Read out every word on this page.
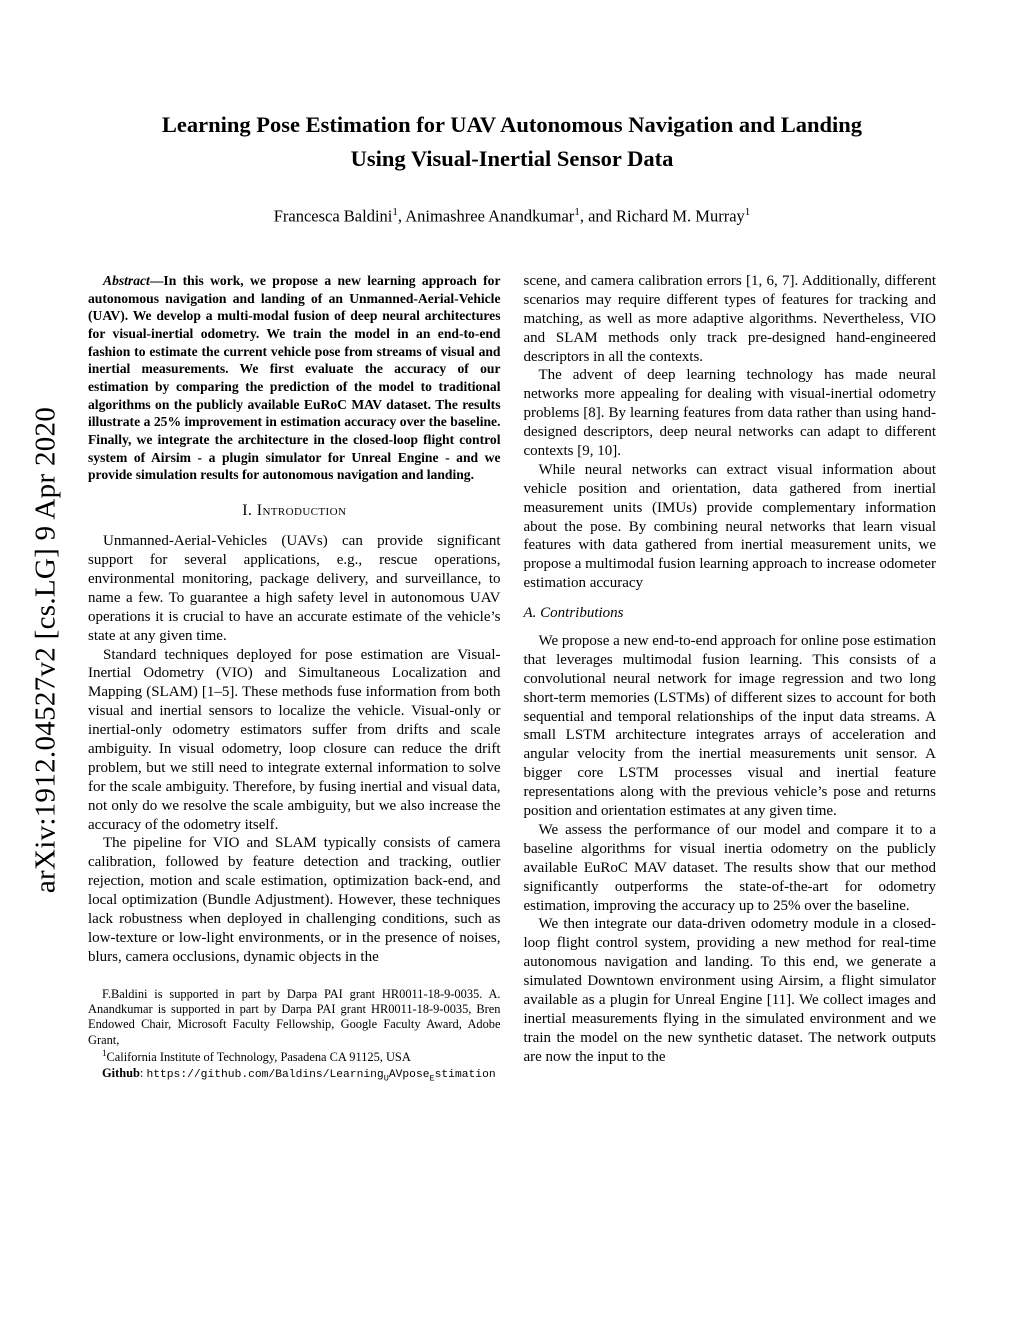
arXiv:1912.04527v2 [cs.LG] 9 Apr 2020
Learning Pose Estimation for UAV Autonomous Navigation and Landing Using Visual-Inertial Sensor Data
Francesca Baldini$^1$, Animashree Anandkumar$^1$, and Richard M. Murray$^1$

Abstract—In this work, we propose a new learning approach for autonomous navigation and landing of an Unmanned-Aerial-Vehicle (UAV). We develop a multi-modal fusion of deep neural architectures for visual-inertial odometry. We train the model in an end-to-end fashion to estimate the current vehicle pose from streams of visual and inertial measurements. We first evaluate the accuracy of our estimation by comparing the prediction of the model to traditional algorithms on the publicly available EuRoC MAV dataset. The results illustrate a 25% improvement in estimation accuracy over the baseline. Finally, we integrate the architecture in the closed-loop flight control system of Airsim - a plugin simulator for Unreal Engine - and we provide simulation results for autonomous navigation and landing.

I. Introduction

Unmanned-Aerial-Vehicles (UAVs) can provide significant support for several applications, e.g., rescue operations, environmental monitoring, package delivery, and surveillance, to name a few. To guarantee a high safety level in autonomous UAV operations it is crucial to have an accurate estimate of the vehicle’s state at any given time.

Standard techniques deployed for pose estimation are Visual-Inertial Odometry (VIO) and Simultaneous Localization and Mapping (SLAM) [1–5]. These methods fuse information from both visual and inertial sensors to localize the vehicle. Visual-only or inertial-only odometry estimators suffer from drifts and scale ambiguity. In visual odometry, loop closure can reduce the drift problem, but we still need to integrate external information to solve for the scale ambiguity. Therefore, by fusing inertial and visual data, not only do we resolve the scale ambiguity, but we also increase the accuracy of the odometry itself.

The pipeline for VIO and SLAM typically consists of camera calibration, followed by feature detection and tracking, outlier rejection, motion and scale estimation, optimization back-end, and local optimization (Bundle Adjustment). However, these techniques lack robustness when deployed in challenging conditions, such as low-texture or low-light environments, or in the presence of noises, blurs, camera occlusions, dynamic objects in the

F.Baldini is supported in part by Darpa PAI grant HR0011-18-9-0035. A. Anandkumar is supported in part by Darpa PAI grant HR0011-18-9-0035, Bren Endowed Chair, Microsoft Faculty Fellowship, Google Faculty Award, Adobe Grant,

$^1$California Institute of Technology, Pasadena CA 91125, USA

Github: https://github.com/Baldins/Learning$_U$AVpose$_E$stimation

scene, and camera calibration errors [1, 6, 7]. Additionally, different scenarios may require different types of features for tracking and matching, as well as more adaptive algorithms. Nevertheless, VIO and SLAM methods only track pre-designed hand-engineered descriptors in all the contexts.

The advent of deep learning technology has made neural networks more appealing for dealing with visual-inertial odometry problems [8]. By learning features from data rather than using hand-designed descriptors, deep neural networks can adapt to different contexts [9, 10].

While neural networks can extract visual information about vehicle position and orientation, data gathered from inertial measurement units (IMUs) provide complementary information about the pose. By combining neural networks that learn visual features with data gathered from inertial measurement units, we propose a multimodal fusion learning approach to increase odometer estimation accuracy

A. Contributions

We propose a new end-to-end approach for online pose estimation that leverages multimodal fusion learning. This consists of a convolutional neural network for image regression and two long short-term memories (LSTMs) of different sizes to account for both sequential and temporal relationships of the input data streams. A small LSTM architecture integrates arrays of acceleration and angular velocity from the inertial measurements unit sensor. A bigger core LSTM processes visual and inertial feature representations along with the previous vehicle’s pose and returns position and orientation estimates at any given time.

We assess the performance of our model and compare it to a baseline algorithms for visual inertia odometry on the publicly available EuRoC MAV dataset. The results show that our method significantly outperforms the state-of-the-art for odometry estimation, improving the accuracy up to 25% over the baseline.

We then integrate our data-driven odometry module in a closed-loop flight control system, providing a new method for real-time autonomous navigation and landing. To this end, we generate a simulated Downtown environment using Airsim, a flight simulator available as a plugin for Unreal Engine [11]. We collect images and inertial measurements flying in the simulated environment and we train the model on the new synthetic dataset. The network outputs are now the input to the
